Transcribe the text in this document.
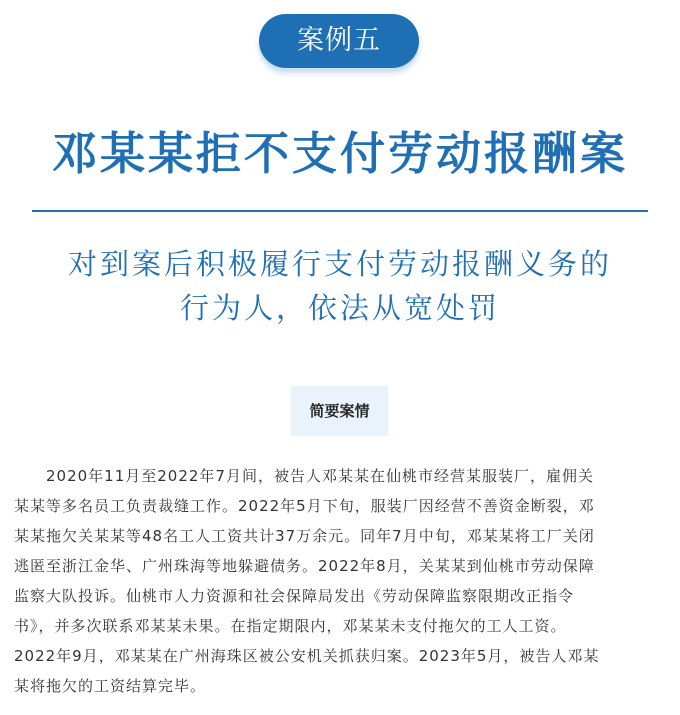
案例五
邓某某拒不支付劳动报酬案
对到案后积极履行支付劳动报酬义务的
行为人，依法从宽处罚
简要案情
2020年11月至2022年7月间，被告人邓某某在仙桃市经营某服装厂，雇佣关
某某等多名员工负责裁缝工作。2022年5月下旬，服装厂因经营不善资金断裂，邓
某某拖欠关某某等48名工人工资共计37万余元。同年7月中旬，邓某某将工厂关闭
逃匿至浙江金华、广州珠海等地躲避债务。2022年8月，关某某到仙桃市劳动保障
监察大队投诉。仙桃市人力资源和社会保障局发出《劳动保障监察限期改正指令
书》，并多次联系邓某某未果。在指定期限内，邓某某未支付拖欠的工人工资。
2022年9月，邓某某在广州海珠区被公安机关抓获归案。2023年5月，被告人邓某
某将拖欠的工资结算完毕。
